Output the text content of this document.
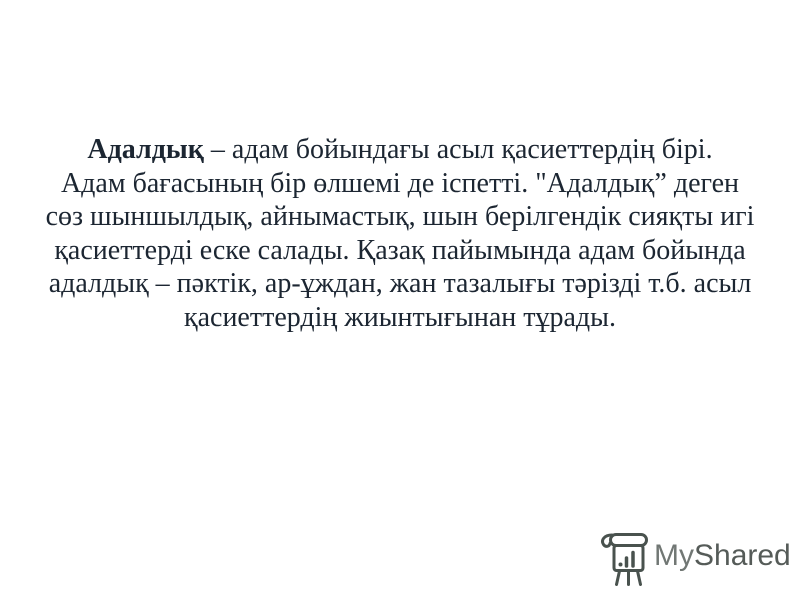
Адалдық – адам бойындағы асыл қасиеттердің бірі.
Адам бағасының бір өлшемі де іспетті. "Адалдық” деген
сөз шыншылдық, айнымастық, шын берілгендік сияқты игі
қасиеттерді еске салады. Қазақ пайымында адам бойында
адалдық – пәктік, ар-ұждан, жан тазалығы тәрізді т.б. асыл
қасиеттердің жиынтығынан тұрады.
MyShared
